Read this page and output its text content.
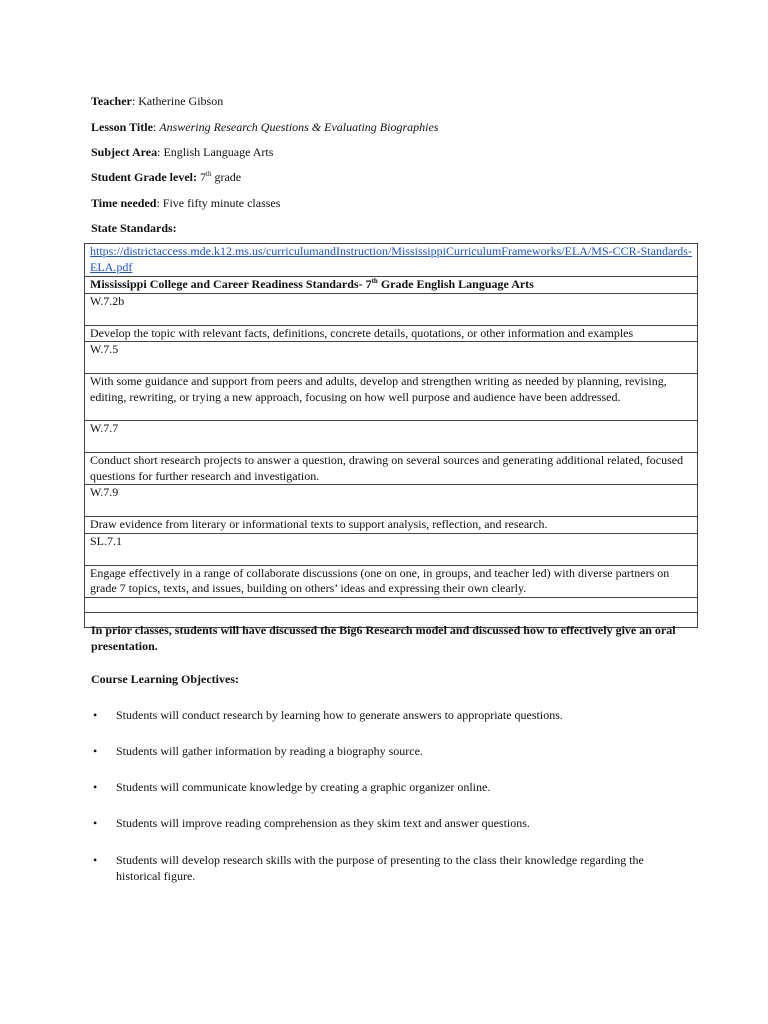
Teacher: Katherine Gibson
Lesson Title: Answering Research Questions & Evaluating Biographies
Subject Area: English Language Arts
Student Grade level: 7th grade
Time needed: Five fifty minute classes
State Standards:
https://districtaccess.mde.k12.ms.us/curriculumandInstruction/MississippiCurriculumFrameworks/ELA/MS-CCR-Standards-ELA.pdf
Mississippi College and Career Readiness Standards- 7th Grade English Language Arts
W.7.2b
Develop the topic with relevant facts, definitions, concrete details, quotations, or other information and examples
W.7.5
With some guidance and support from peers and adults, develop and strengthen writing as needed by planning, revising, editing, rewriting, or trying a new approach, focusing on how well purpose and audience have been addressed.
W.7.7
Conduct short research projects to answer a question, drawing on several sources and generating additional related, focused questions for further research and investigation.
W.7.9
Draw evidence from literary or informational texts to support analysis, reflection, and research.
SL.7.1
Engage effectively in a range of collaborate discussions (one on one, in groups, and teacher led) with diverse partners on grade 7 topics, texts, and issues, building on others’ ideas and expressing their own clearly.

In prior classes, students will have discussed the Big6 Research model and discussed how to effectively give an oral presentation.
Course Learning Objectives:
• Students will conduct research by learning how to generate answers to appropriate questions.
• Students will gather information by reading a biography source.
• Students will communicate knowledge by creating a graphic organizer online.
• Students will improve reading comprehension as they skim text and answer questions.
• Students will develop research skills with the purpose of presenting to the class their knowledge regarding the historical figure.
